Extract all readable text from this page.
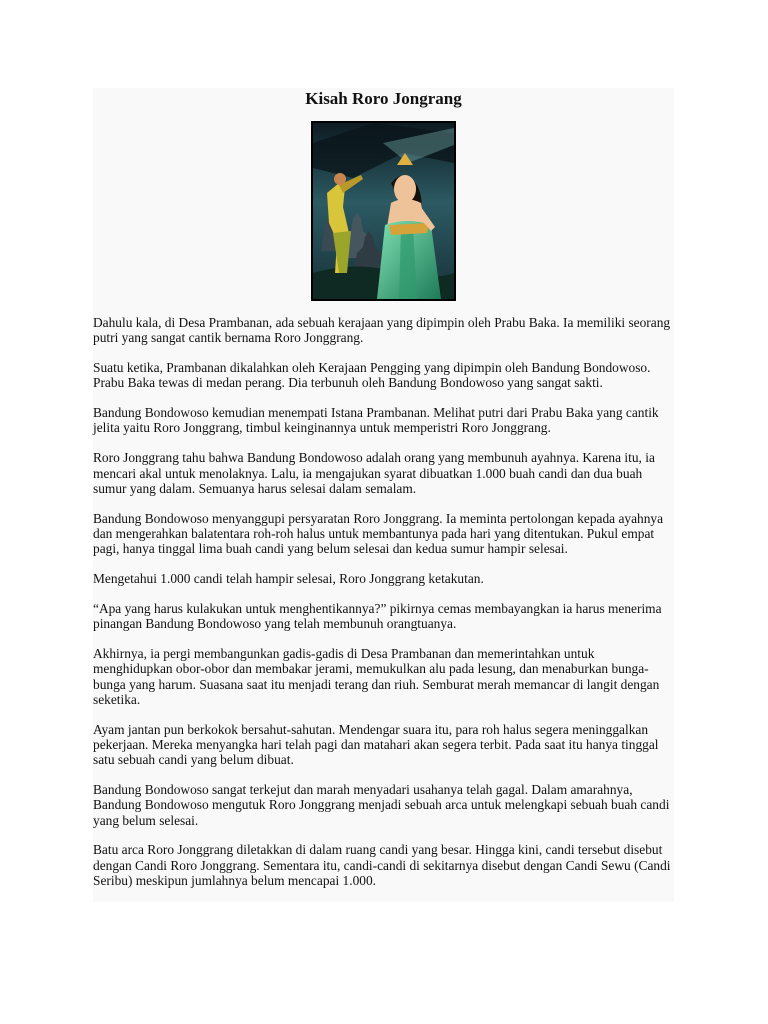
Kisah Roro Jongrang

Dahulu kala, di Desa Prambanan, ada sebuah kerajaan yang dipimpin oleh Prabu Baka. Ia memiliki seorang putri yang sangat cantik bernama Roro Jonggrang.

Suatu ketika, Prambanan dikalahkan oleh Kerajaan Pengging yang dipimpin oleh Bandung Bondowoso. Prabu Baka tewas di medan perang. Dia terbunuh oleh Bandung Bondowoso yang sangat sakti.

Bandung Bondowoso kemudian menempati Istana Prambanan. Melihat putri dari Prabu Baka yang cantik jelita yaitu Roro Jonggrang, timbul keinginannya untuk memperistri Roro Jonggrang.

Roro Jonggrang tahu bahwa Bandung Bondowoso adalah orang yang membunuh ayahnya. Karena itu, ia mencari akal untuk menolaknya. Lalu, ia mengajukan syarat dibuatkan 1.000 buah candi dan dua buah sumur yang dalam. Semuanya harus selesai dalam semalam.

Bandung Bondowoso menyanggupi persyaratan Roro Jonggrang. Ia meminta pertolongan kepada ayahnya dan mengerahkan balatentara roh-roh halus untuk membantunya pada hari yang ditentukan. Pukul empat pagi, hanya tinggal lima buah candi yang belum selesai dan kedua sumur hampir selesai.

Mengetahui 1.000 candi telah hampir selesai, Roro Jonggrang ketakutan.

“Apa yang harus kulakukan untuk menghentikannya?” pikirnya cemas membayangkan ia harus menerima pinangan Bandung Bondowoso yang telah membunuh orangtuanya.

Akhirnya, ia pergi membangunkan gadis-gadis di Desa Prambanan dan memerintahkan untuk menghidupkan obor-obor dan membakar jerami, memukulkan alu pada lesung, dan menaburkan bunga-bunga yang harum. Suasana saat itu menjadi terang dan riuh. Semburat merah memancar di langit dengan seketika.

Ayam jantan pun berkokok bersahut-sahutan. Mendengar suara itu, para roh halus segera meninggalkan pekerjaan. Mereka menyangka hari telah pagi dan matahari akan segera terbit. Pada saat itu hanya tinggal satu sebuah candi yang belum dibuat.

Bandung Bondowoso sangat terkejut dan marah menyadari usahanya telah gagal. Dalam amarahnya, Bandung Bondowoso mengutuk Roro Jonggrang menjadi sebuah arca untuk melengkapi sebuah buah candi yang belum selesai.

Batu arca Roro Jonggrang diletakkan di dalam ruang candi yang besar. Hingga kini, candi tersebut disebut dengan Candi Roro Jonggrang. Sementara itu, candi-candi di sekitarnya disebut dengan Candi Sewu (Candi Seribu) meskipun jumlahnya belum mencapai 1.000.
